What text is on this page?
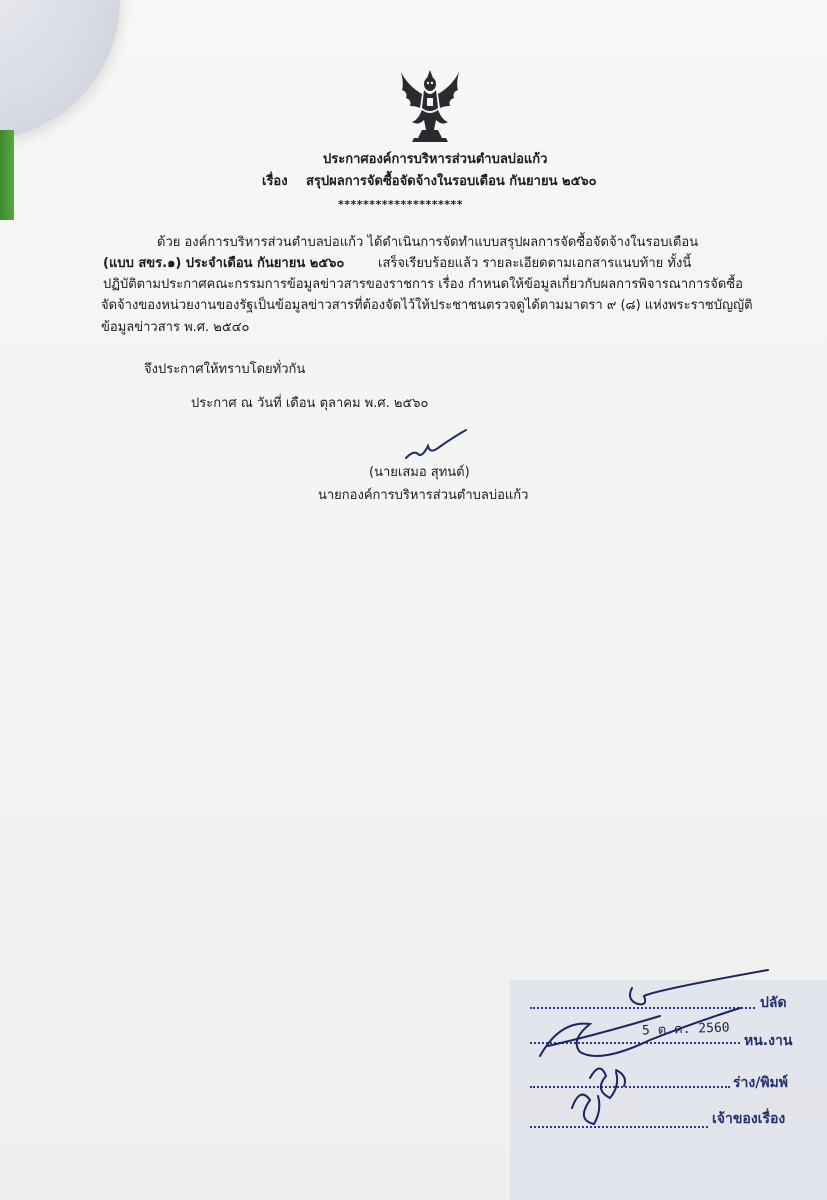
ประกาศองค์การบริหารส่วนตำบลบ่อแก้ว
เรื่อง สรุปผลการจัดซื้อจัดจ้างในรอบเดือน กันยายน ๒๕๖๐
********************
ด้วย องค์การบริหารส่วนตำบลบ่อแก้ว ได้ดำเนินการจัดทำแบบสรุปผลการจัดซื้อจัดจ้างในรอบเดือน
(แบบ สขร.๑) ประจำเดือน กันยายน ๒๕๖๐	เสร็จเรียบร้อยแล้ว รายละเอียดตามเอกสารแนบท้าย ทั้งนี้
ปฏิบัติตามประกาศคณะกรรมการข้อมูลข่าวสารของราชการ เรื่อง กำหนดให้ข้อมูลเกี่ยวกับผลการพิจารณาการจัดซื้อ
จัดจ้างของหน่วยงานของรัฐเป็นข้อมูลข่าวสารที่ต้องจัดไว้ให้ประชาชนตรวจดูได้ตามมาตรา ๙ (๘) แห่งพระราชบัญญัติ
ข้อมูลข่าวสาร พ.ศ. ๒๕๔๐
จึงประกาศให้ทราบโดยทั่วกัน
ประกาศ ณ วันที่ เดือน ตุลาคม พ.ศ. ๒๕๖๐
(นายเสมอ สุทนต์)
นายกองค์การบริหารส่วนตำบลบ่อแก้ว
ปลัด
หน.งาน
ร่าง/พิมพ์
เจ้าของเรื่อง
5 ต.ค. 2560
